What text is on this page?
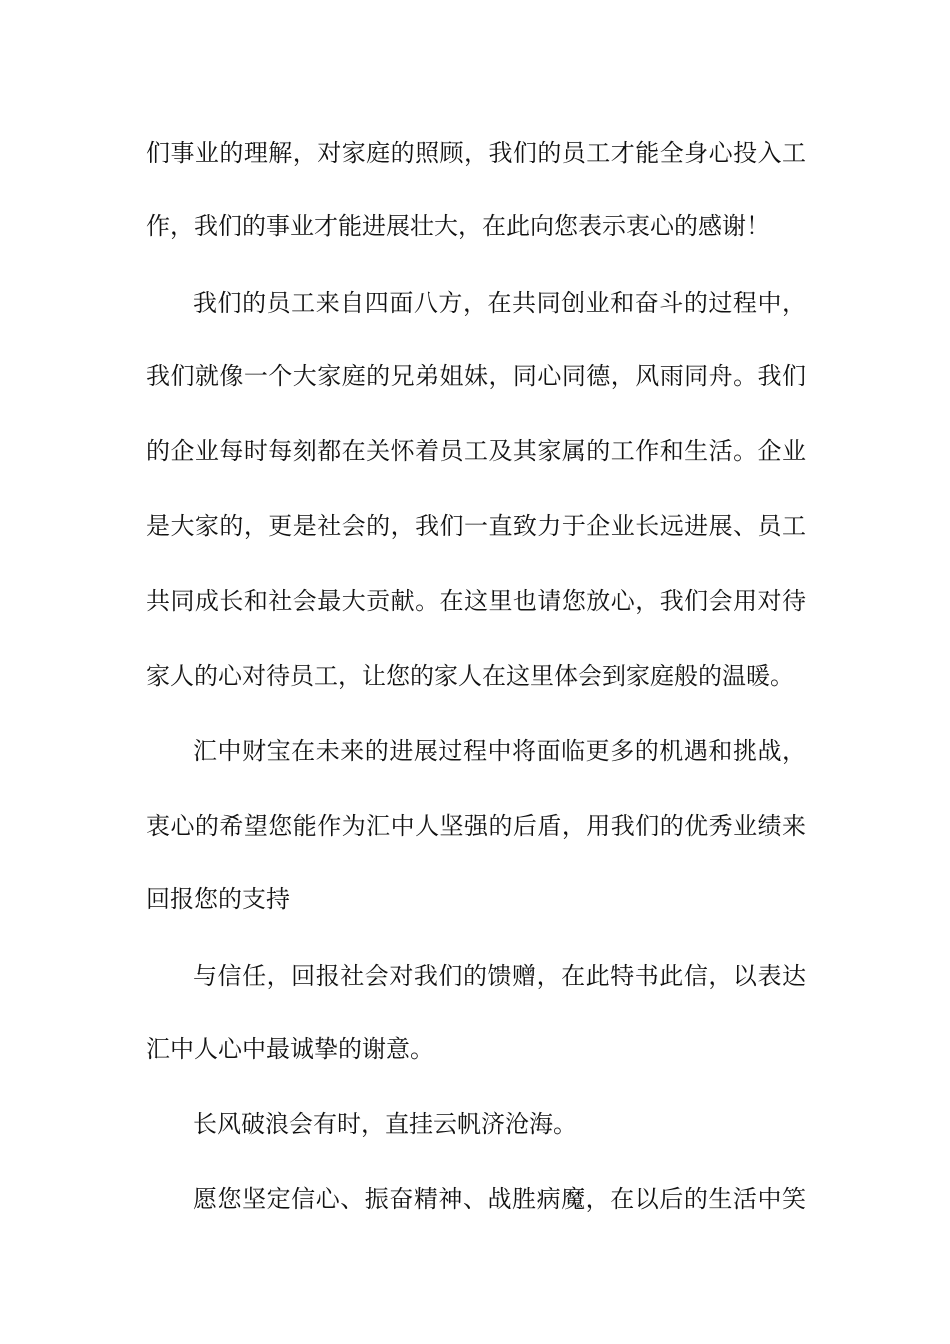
们事业的理解，对家庭的照顾，我们的员工才能全身心投入工
作，我们的事业才能进展壮大，在此向您表示衷心的感谢！
我们的员工来自四面八方，在共同创业和奋斗的过程中，
我们就像一个大家庭的兄弟姐妹，同心同德，风雨同舟。我们
的企业每时每刻都在关怀着员工及其家属的工作和生活。企业
是大家的，更是社会的，我们一直致力于企业长远进展、员工
共同成长和社会最大贡献。在这里也请您放心，我们会用对待
家人的心对待员工，让您的家人在这里体会到家庭般的温暖。
汇中财宝在未来的进展过程中将面临更多的机遇和挑战，
衷心的希望您能作为汇中人坚强的后盾，用我们的优秀业绩来
回报您的支持
与信任，回报社会对我们的馈赠，在此特书此信，以表达
汇中人心中最诚挚的谢意。
长风破浪会有时，直挂云帆济沧海。
愿您坚定信心、振奋精神、战胜病魔，在以后的生活中笑
